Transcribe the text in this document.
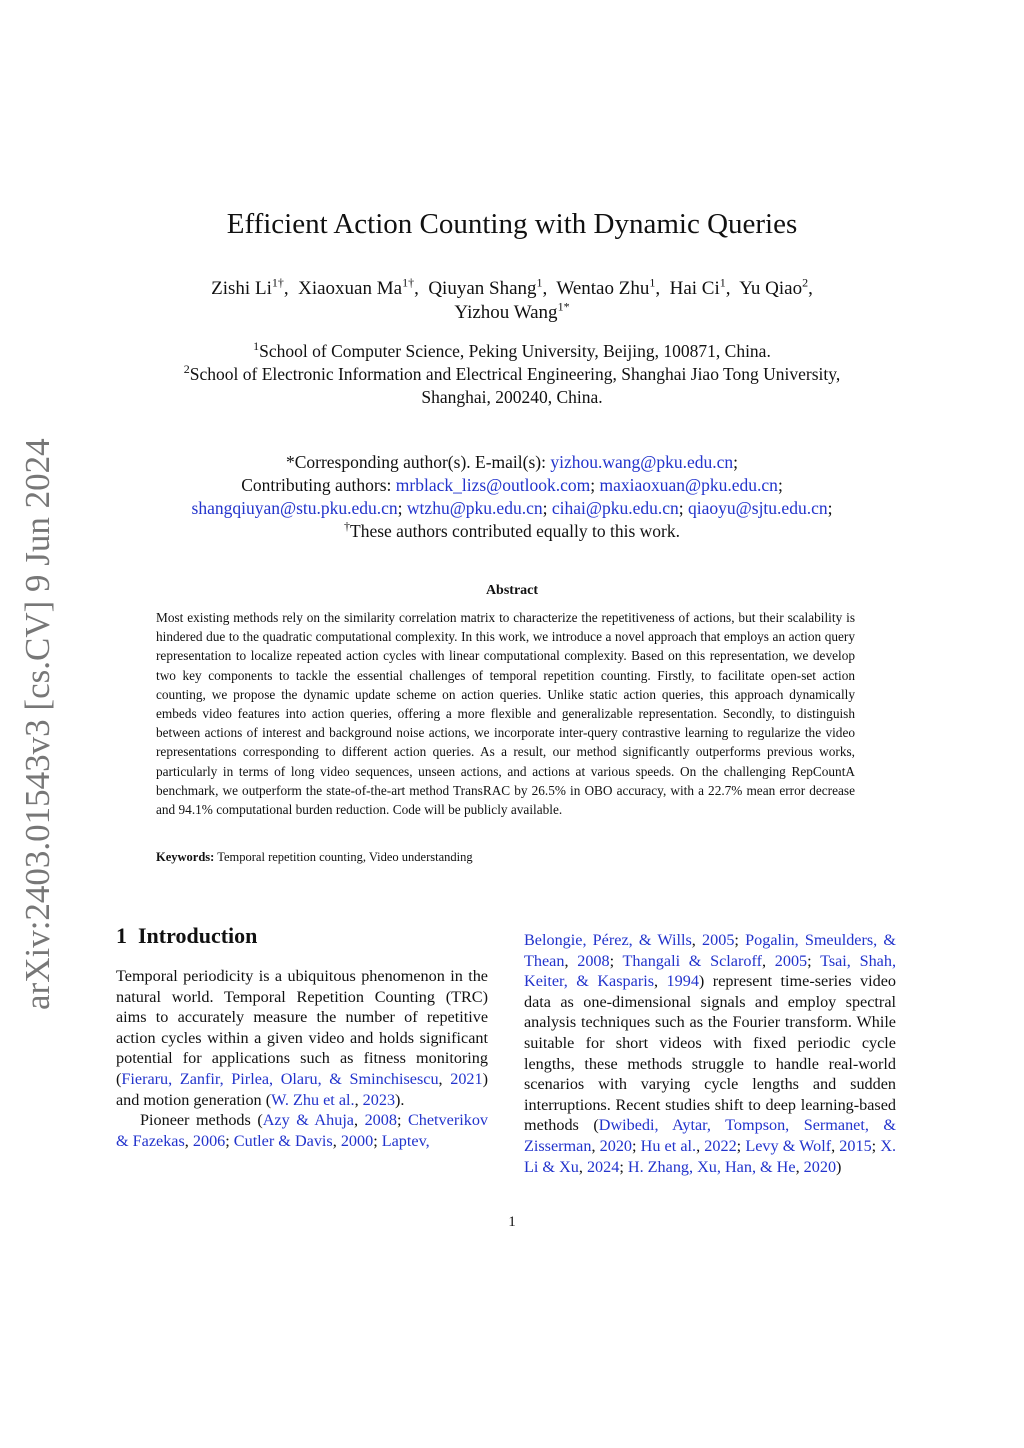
arXiv:2403.01543v3 [cs.CV] 9 Jun 2024
Efficient Action Counting with Dynamic Queries
Zishi $Li^{1\dagger}$,  Xiaoxuan $Ma^{1\dagger}$,  Qiuyan Shang$^1$,  Wentao Zhu$^1$,  Hai Ci$^1$,  Yu Qiao$^2$,
Yizhou Wang$^{1*}$
$^1$School of Computer Science, Peking University, Beijing, 100871, China.
$^2$School of Electronic Information and Electrical Engineering, Shanghai Jiao Tong University,
Shanghai, 200240, China.
*Corresponding author(s). E-mail(s): yizhou.wang@pku.edu.cn;
Contributing authors: mrblack_lizs@outlook.com; maxiaoxuan@pku.edu.cn;
shangqiuyan@stu.pku.edu.cn; wtzhu@pku.edu.cn; cihai@pku.edu.cn; qiaoyu@sjtu.edu.cn;
†These authors contributed equally to this work.
Abstract
Most existing methods rely on the similarity correlation matrix to characterize the repetitiveness of actions, but their scalability is hindered due to the quadratic computational complexity. In this work, we introduce a novel approach that employs an action query representation to localize repeated action cycles with linear computational complexity. Based on this representation, we develop two key components to tackle the essential challenges of temporal repetition counting. Firstly, to facilitate open-set action counting, we propose the dynamic update scheme on action queries. Unlike static action queries, this approach dynamically embeds video features into action queries, offering a more flexible and generalizable representation. Secondly, to distinguish between actions of interest and background noise actions, we incorporate inter-query contrastive learning to regularize the video representations corresponding to different action queries. As a result, our method significantly outperforms previous works, particularly in terms of long video sequences, unseen actions, and actions at various speeds. On the challenging RepCountA benchmark, we outperform the state-of-the-art method TransRAC by 26.5% in OBO accuracy, with a 22.7% mean error decrease and 94.1% computational burden reduction. Code will be publicly available.
Keywords: Temporal repetition counting, Video understanding
1 Introduction
Temporal periodicity is a ubiquitous phenomenon in the natural world. Temporal Repetition Counting (TRC) aims to accurately measure the number of repetitive action cycles within a given video and holds significant potential for applications such as fitness monitoring (Fieraru, Zanfir, Pirlea, Olaru, & Sminchisescu, 2021) and motion generation (W. Zhu et al., 2023).
Pioneer methods (Azy & Ahuja, 2008; Chetverikov & Fazekas, 2006; Cutler & Davis, 2000; Laptev,
Belongie, Pérez, & Wills, 2005; Pogalin, Smeulders, & Thean, 2008; Thangali & Sclaroff, 2005; Tsai, Shah, Keiter, & Kasparis, 1994) represent time-series video data as one-dimensional signals and employ spectral analysis techniques such as the Fourier transform. While suitable for short videos with fixed periodic cycle lengths, these methods struggle to handle real-world scenarios with varying cycle lengths and sudden interruptions. Recent studies shift to deep learning-based methods (Dwibedi, Aytar, Tompson, Sermanet, & Zisserman, 2020; Hu et al., 2022; Levy & Wolf, 2015; X. Li & Xu, 2024; H. Zhang, Xu, Han, & He, 2020)
1
